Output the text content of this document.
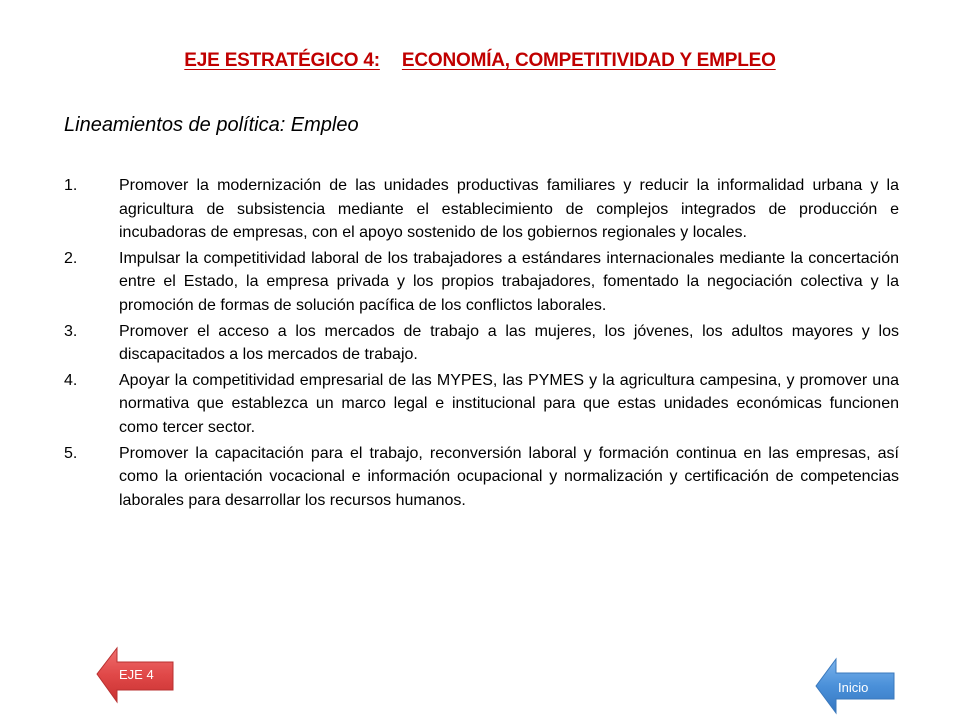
EJE ESTRATÉGICO 4: ECONOMÍA, COMPETITIVIDAD Y EMPLEO
Lineamientos de política: Empleo
1.	Promover la modernización de las unidades productivas familiares y reducir la informalidad urbana y la agricultura de subsistencia mediante el establecimiento de complejos integrados de producción e incubadoras de empresas, con el apoyo sostenido de los gobiernos regionales y locales.
2.	Impulsar la competitividad laboral de los trabajadores a estándares internacionales mediante la concertación entre el Estado, la empresa privada y los propios trabajadores, fomentado la negociación colectiva y la promoción de formas de solución pacífica de los conflictos laborales.
3.	Promover el acceso a los mercados de trabajo a las mujeres, los jóvenes, los adultos mayores y los discapacitados a los mercados de trabajo.
4.	Apoyar la competitividad empresarial de las MYPES, las PYMES y la agricultura campesina, y promover una normativa que establezca un marco legal e institucional para que estas unidades económicas funcionen como tercer sector.
5.	Promover la capacitación para el trabajo, reconversión laboral y formación continua en las empresas, así como la orientación vocacional e información ocupacional y normalización y certificación de competencias laborales para desarrollar los recursos humanos.
EJE 4
Inicio
